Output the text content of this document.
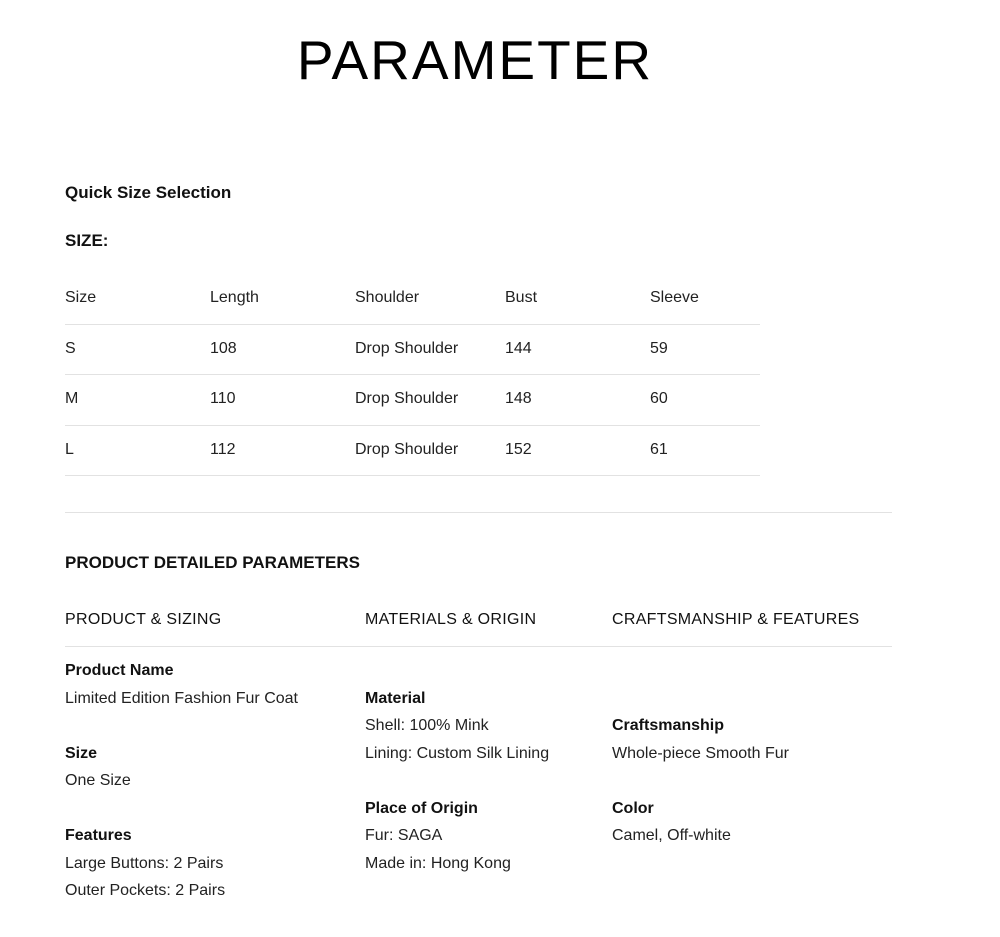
PARAMETER
Quick Size Selection
SIZE:
Size	Length	Shoulder	Bust	Sleeve
S	108	Drop Shoulder	144	59
M	110	Drop Shoulder	148	60
L	112	Drop Shoulder	152	61
PRODUCT DETAILED PARAMETERS
PRODUCT & SIZING	MATERIALS & ORIGIN	CRAFTSMANSHIP & FEATURES
Product Name
Limited Edition Fashion Fur Coat
Size
One Size
Features
Large Buttons: 2 Pairs
Outer Pockets: 2 Pairs
Material
Shell: 100% Mink
Lining: Custom Silk Lining
Place of Origin
Fur: SAGA
Made in: Hong Kong
Craftsmanship
Whole-piece Smooth Fur
Color
Camel, Off-white
